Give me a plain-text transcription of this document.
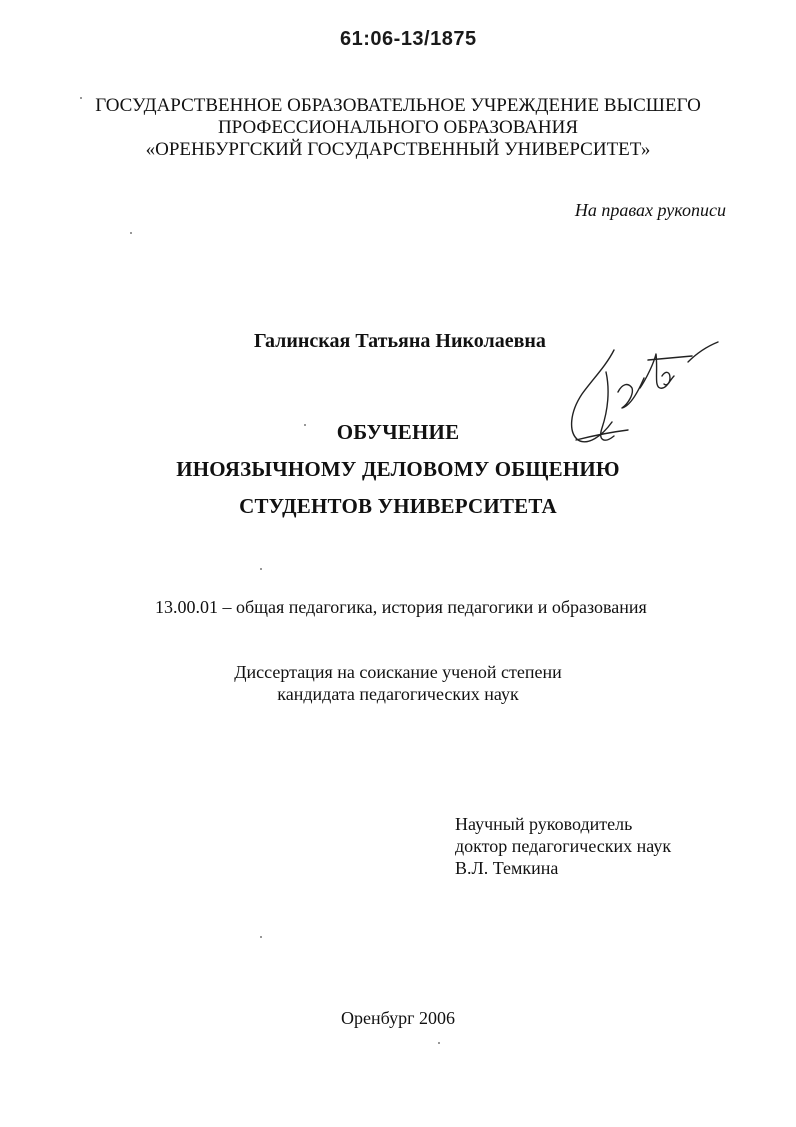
61:06-13/1875
ГОСУДАРСТВЕННОЕ ОБРАЗОВАТЕЛЬНОЕ УЧРЕЖДЕНИЕ ВЫСШЕГО
ПРОФЕССИОНАЛЬНОГО ОБРАЗОВАНИЯ
«ОРЕНБУРГСКИЙ ГОСУДАРСТВЕННЫЙ УНИВЕРСИТЕТ»
На правах рукописи
Галинская Татьяна Николаевна
ОБУЧЕНИЕ
ИНОЯЗЫЧНОМУ ДЕЛОВОМУ ОБЩЕНИЮ
СТУДЕНТОВ УНИВЕРСИТЕТА
13.00.01 – общая педагогика, история педагогики и образования
Диссертация на соискание ученой степени
кандидата педагогических наук
Научный руководитель
доктор педагогических наук
В.Л. Темкина
Оренбург 2006
